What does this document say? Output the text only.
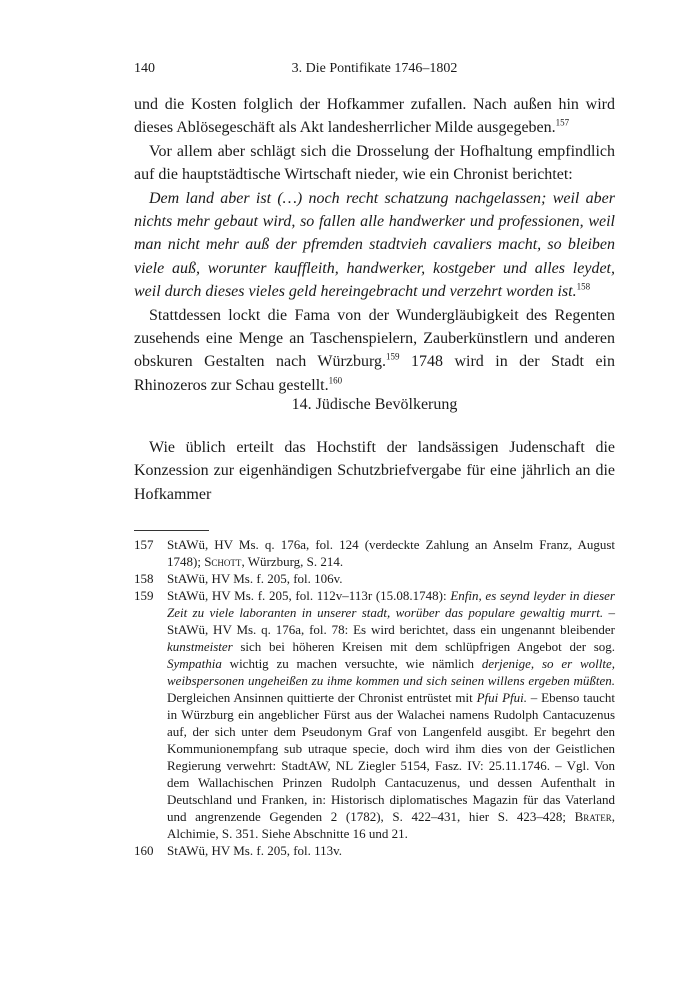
140	3. Die Pontifikate 1746–1802

und die Kosten folglich der Hofkammer zufallen. Nach außen hin wird dieses Ablösegeschäft als Akt landesherrlicher Milde ausgegeben.$^{157}$

Vor allem aber schlägt sich die Drosselung der Hofhaltung empfindlich auf die hauptstädtische Wirtschaft nieder, wie ein Chronist berichtet:

Dem land aber ist (…) noch recht schatzung nachgelassen; weil aber nichts mehr gebaut wird, so fallen alle handwerker und professionen, weil man nicht mehr auß der pfremden stadtvieh cavaliers macht, so bleiben viele auß, worunter kauffleith, handwerker, kostgeber und alles leydet, weil durch dieses vieles geld hereingebracht und verzehrt worden ist.$^{158}$

Stattdessen lockt die Fama von der Wundergläubigkeit des Regenten zusehends eine Menge an Taschenspielern, Zauberkünstlern und anderen obskuren Gestalten nach Würzburg.$^{159}$ 1748 wird in der Stadt ein Rhinozeros zur Schau gestellt.$^{160}$

14. Jüdische Bevölkerung

Wie üblich erteilt das Hochstift der landsässigen Judenschaft die Konzession zur eigenhändigen Schutzbriefvergabe für eine jährlich an die Hofkammer

157 StAWü, HV Ms. q. 176a, fol. 124 (verdeckte Zahlung an Anselm Franz, August 1748); Schott, Würzburg, S. 214.

158 StAWü, HV Ms. f. 205, fol. 106v.

159 StAWü, HV Ms. f. 205, fol. 112v–113r (15.08.1748): Enfin, es seynd leyder in dieser Zeit zu viele laboranten in unserer stadt, worüber das populare gewaltig murrt. – StAWü, HV Ms. q. 176a, fol. 78: Es wird berichtet, dass ein ungenannt bleibender kunstmeister sich bei höheren Kreisen mit dem schlüpfrigen Angebot der sog. Sympathia wichtig zu machen versuchte, wie nämlich derjenige, so er wollte, weibspersonen ungeheißen zu ihme kommen und sich seinen willens ergeben müßten. Dergleichen Ansinnen quittierte der Chronist entrüstet mit Pfui Pfui. – Ebenso taucht in Würzburg ein angeblicher Fürst aus der Walachei namens Rudolph Cantacuzenus auf, der sich unter dem Pseudonym Graf von Langenfeld ausgibt. Er begehrt den Kommunionempfang sub utraque specie, doch wird ihm dies von der Geistlichen Regierung verwehrt: StadtAW, NL Ziegler 5154, Fasz. IV: 25.11.1746. – Vgl. Von dem Wallachischen Prinzen Rudolph Cantacuzenus, und dessen Aufenthalt in Deutschland und Franken, in: Historisch diplomatisches Magazin für das Vaterland und angrenzende Gegenden 2 (1782), S. 422–431, hier S. 423–428; Brater, Alchimie, S. 351. Siehe Abschnitte 16 und 21.

160 StAWü, HV Ms. f. 205, fol. 113v.
